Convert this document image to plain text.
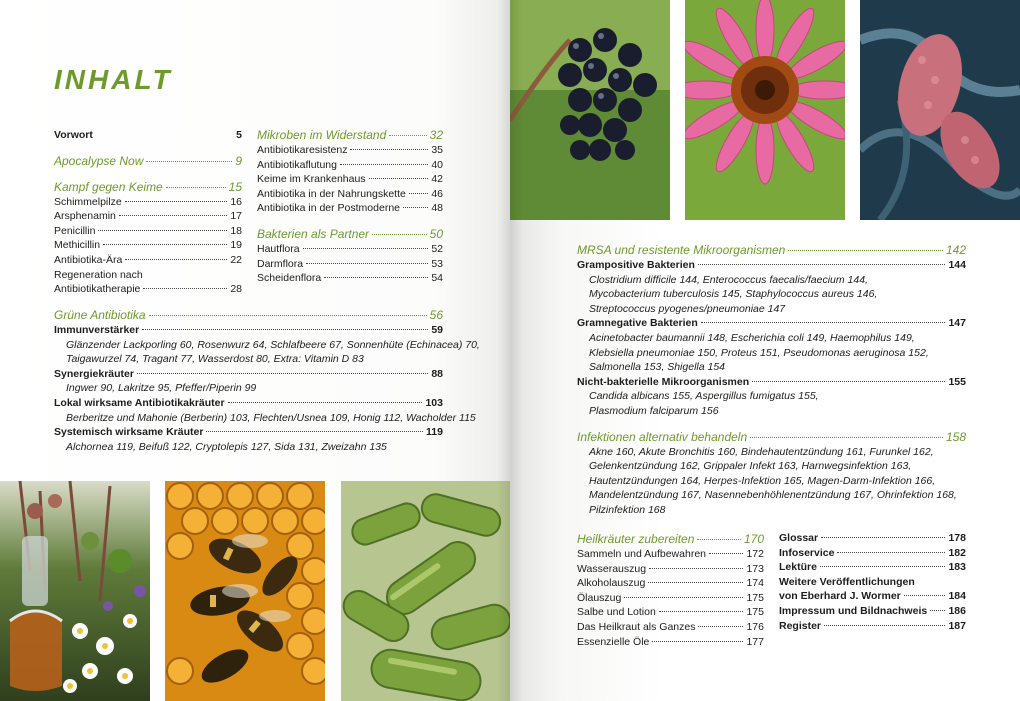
INHALT
Vorwort	5
Apocalypse Now	9
Kampf gegen Keime	15
Schimmelpilze	16
Arsphenamin	17
Penicillin	18
Methicillin	19
Antibiotika-Ära	22
Regeneration nach
Antibiotikatherapie	28
Mikroben im Widerstand	32
Antibiotikaresistenz	35
Antibiotikaflutung	40
Keime im Krankenhaus	42
Antibiotika in der Nahrungskette 46
Antibiotika in der Postmoderne	48
Bakterien als Partner	50
Hautflora	52
Darmflora	53
Scheidenflora	54
Grüne Antibiotika	56
Immunverstärker	59
Glänzender Lackporling 60, Rosenwurz 64, Schlafbeere 67, Sonnenhüte (Echinacea) 70,
Taigawurzel 74, Tragant 77, Wasserdost 80, Extra: Vitamin D 83
Synergiekräuter	88
Ingwer 90, Lakritze 95, Pfeffer/Piperin 99
Lokal wirksame Antibiotikakräuter	103
Berberitze und Mahonie (Berberin) 103, Flechten/Usnea 109, Honig 112, Wacholder 115
Systemisch wirksame Kräuter	119
Alchornea 119, Beifuß 122, Cryptolepis 127, Sida 131, Zweizahn 135
MRSA und resistente Mikroorganismen	142
Grampositive Bakterien	144
Clostridium difficile 144, Enterococcus faecalis/faecium 144,
Mycobacterium tuberculosis 145, Staphylococcus aureus 146,
Streptococcus pyogenes/pneumoniae 147
Gramnegative Bakterien	147
Acinetobacter baumannii 148, Escherichia coli 149, Haemophilus 149,
Klebsiella pneumoniae 150, Proteus 151, Pseudomonas aeruginosa 152,
Salmonella 153, Shigella 154
Nicht-bakterielle Mikroorganismen	155
Candida albicans 155, Aspergillus fumigatus 155,
Plasmodium falciparum 156
Infektionen alternativ behandeln	158
Akne 160, Akute Bronchitis 160, Bindehautentzündung 161, Furunkel 162,
Gelenkentzündung 162, Grippaler Infekt 163, Harnwegsinfektion 163,
Hautentzündungen 164, Herpes-Infektion 165, Magen-Darm-Infektion 166,
Mandelentzündung 167, Nasennebenhöhlenentzündung 167, Ohrinfektion 168,
Pilzinfektion 168
Heilkräuter zubereiten	170
Sammeln und Aufbewahren	172
Wasserauszug	173
Alkoholauszug	174
Ölauszug	175
Salbe und Lotion	175
Das Heilkraut als Ganzes	176
Essenzielle Öle	177
Glossar	178
Infoservice	182
Lektüre	183
Weitere Veröffentlichungen
von Eberhard J. Wormer	184
Impressum und Bildnachweis 186
Register	187
